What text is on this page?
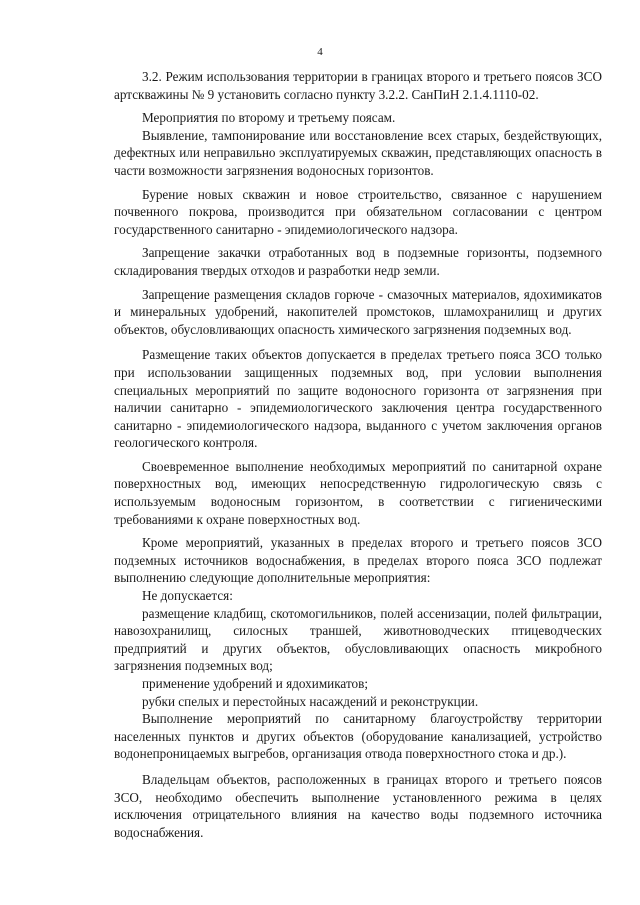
4

3.2. Режим использования территории в границах второго и третьего поясов ЗСО артскважины № 9 установить согласно пункту 3.2.2. СанПиН 2.1.4.1110-02.

Мероприятия по второму и третьему поясам.

Выявление, тампонирование или восстановление всех старых, бездействующих, дефектных или неправильно эксплуатируемых скважин, представляющих опасность в части возможности загрязнения водоносных горизонтов.

Бурение новых скважин и новое строительство, связанное с нарушением почвенного покрова, производится при обязательном согласовании с центром государственного санитарно - эпидемиологического надзора.

Запрещение закачки отработанных вод в подземные горизонты, подземного складирования твердых отходов и разработки недр земли.

Запрещение размещения складов горюче - смазочных материалов, ядохимикатов и минеральных удобрений, накопителей промстоков, шламохранилищ и других объектов, обусловливающих опасность химического загрязнения подземных вод.

Размещение таких объектов допускается в пределах третьего пояса ЗСО только при использовании защищенных подземных вод, при условии выполнения специальных мероприятий по защите водоносного горизонта от загрязнения при наличии санитарно - эпидемиологического заключения центра государственного санитарно - эпидемиологического надзора, выданного с учетом заключения органов геологического контроля.

Своевременное выполнение необходимых мероприятий по санитарной охране поверхностных вод, имеющих непосредственную гидрологическую связь с используемым водоносным горизонтом, в соответствии с гигиеническими требованиями к охране поверхностных вод.

Кроме мероприятий, указанных в пределах второго и третьего поясов ЗСО подземных источников водоснабжения, в пределах второго пояса ЗСО подлежат выполнению следующие дополнительные мероприятия:

Не допускается:

размещение кладбищ, скотомогильников, полей ассенизации, полей фильтрации, навозохранилищ, силосных траншей, животноводческих птицеводческих предприятий и других объектов, обусловливающих опасность микробного загрязнения подземных вод;

применение удобрений и ядохимикатов;

рубки спелых и перестойных насаждений и реконструкции.

Выполнение мероприятий по санитарному благоустройству территории населенных пунктов и других объектов (оборудование канализацией, устройство водонепроницаемых выгребов, организация отвода поверхностного стока и др.).

Владельцам объектов, расположенных в границах второго и третьего поясов ЗСО, необходимо обеспечить выполнение установленного режима в целях исключения отрицательного влияния на качество воды подземного источника водоснабжения.
